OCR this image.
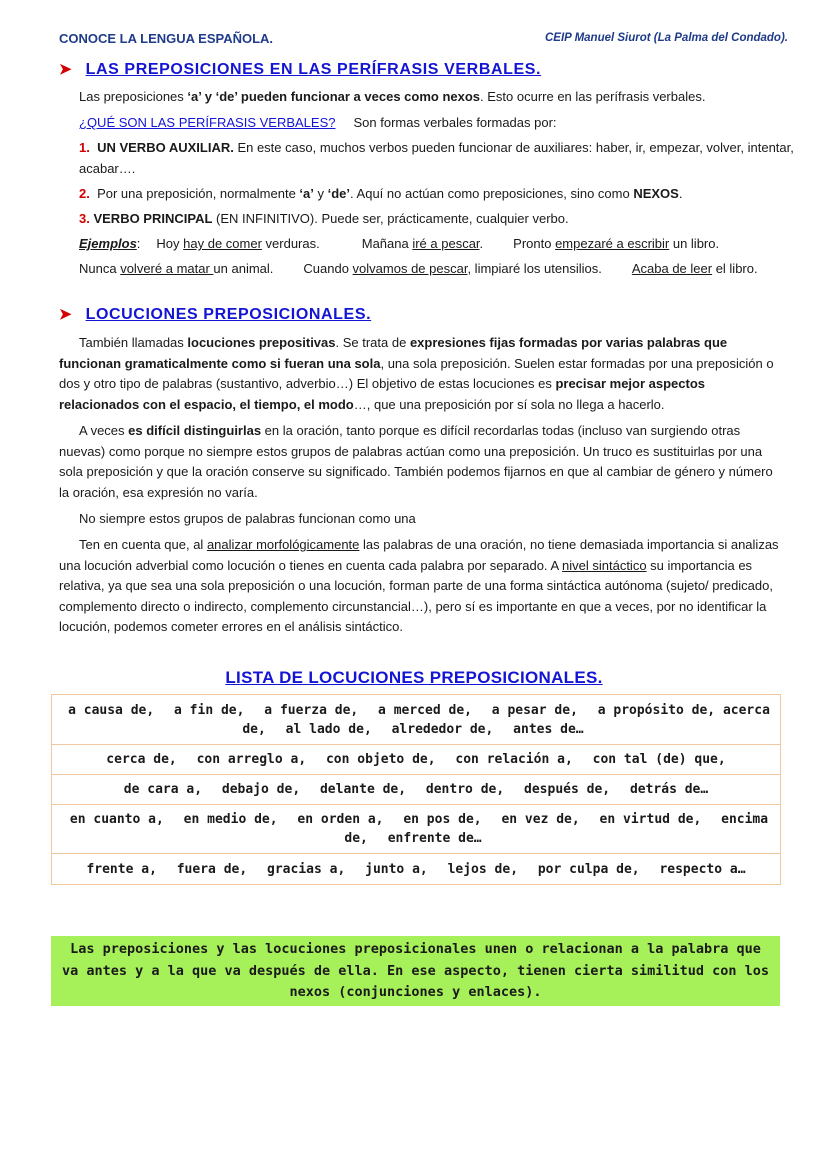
CONOCE LA LENGUA ESPAÑOLA.	CEIP Manuel Siurot (La Palma del Condado).
➤ LAS PREPOSICIONES EN LAS PERÍFRASIS VERBALES.
Las preposiciones ‘a’ y ‘de’ pueden funcionar a veces como nexos. Esto ocurre en las perífrasis verbales.
¿QUÉ SON LAS PERÍFRASIS VERBALES? Son formas verbales formadas por:
1. UN VERBO AUXILIAR. En este caso, muchos verbos pueden funcionar de auxiliares: haber, ir, empezar, volver, intentar, acabar….
2.  Por una preposición, normalmente ‘a’ y ‘de’. Aquí no actúan como preposiciones, sino como NEXOS.
3. VERBO PRINCIPAL (EN INFINITIVO). Puede ser, prácticamente, cualquier verbo.
Ejemplos: Hoy hay de comer verduras.	Mañana iré a pescar. Pronto empezaré a escribir un libro.
Nunca volveré a matar un animal. Cuando volvamos de pescar, limpiaré los utensilios. Acaba de leer el libro.
➤ LOCUCIONES PREPOSICIONALES.
También llamadas locuciones prepositivas. Se trata de expresiones fijas formadas por varias palabras que funcionan gramaticalmente como si fueran una sola, una sola preposición. Suelen estar formadas por una preposición o dos y otro tipo de palabras (sustantivo, adverbio…) El objetivo de estas locuciones es precisar mejor aspectos relacionados con el espacio, el tiempo, el modo…, que una preposición por sí sola no llega a hacerlo.
A veces es difícil distinguirlas en la oración, tanto porque es difícil recordarlas todas (incluso van surgiendo otras nuevas) como porque no siempre estos grupos de palabras actúan como una preposición. Un truco es sustituirlas por una sola preposición y que la oración conserve su significado. También podemos fijarnos en que al cambiar de género y número la oración, esa expresión no varía.
No siempre estos grupos de palabras funcionan como una
Ten en cuenta que, al analizar morfológicamente las palabras de una oración, no tiene demasiada importancia si analizas una locución adverbial como locución o tienes en cuenta cada palabra por separado. A nivel sintáctico su importancia es relativa, ya que sea una sola preposición o una locución, forman parte de una forma sintáctica autónoma (sujeto/ predicado, complemento directo o indirecto, complemento circunstancial…), pero sí es importante en que a veces, por no identificar la locución, podemos cometer errores en el análisis sintáctico.
LISTA DE LOCUCIONES PREPOSICIONALES.
a causa de, a fin de, a fuerza de, a merced de, a pesar de, a propósito de, acerca de, al lado de, alrededor de, antes de…
cerca de, con arreglo a, con objeto de, con relación a, con tal (de) que,
de cara a, debajo de, delante de, dentro de, después de, detrás de…
en cuanto a, en medio de, en orden a, en pos de, en vez de, en virtud de, encima de, enfrente de…
frente a, fuera de, gracias a, junto a, lejos de, por culpa de, respecto a…
Las preposiciones y las locuciones preposicionales unen o relacionan a la palabra que va antes y a la que va después de ella. En ese aspecto, tienen cierta similitud con los nexos (conjunciones y enlaces).
